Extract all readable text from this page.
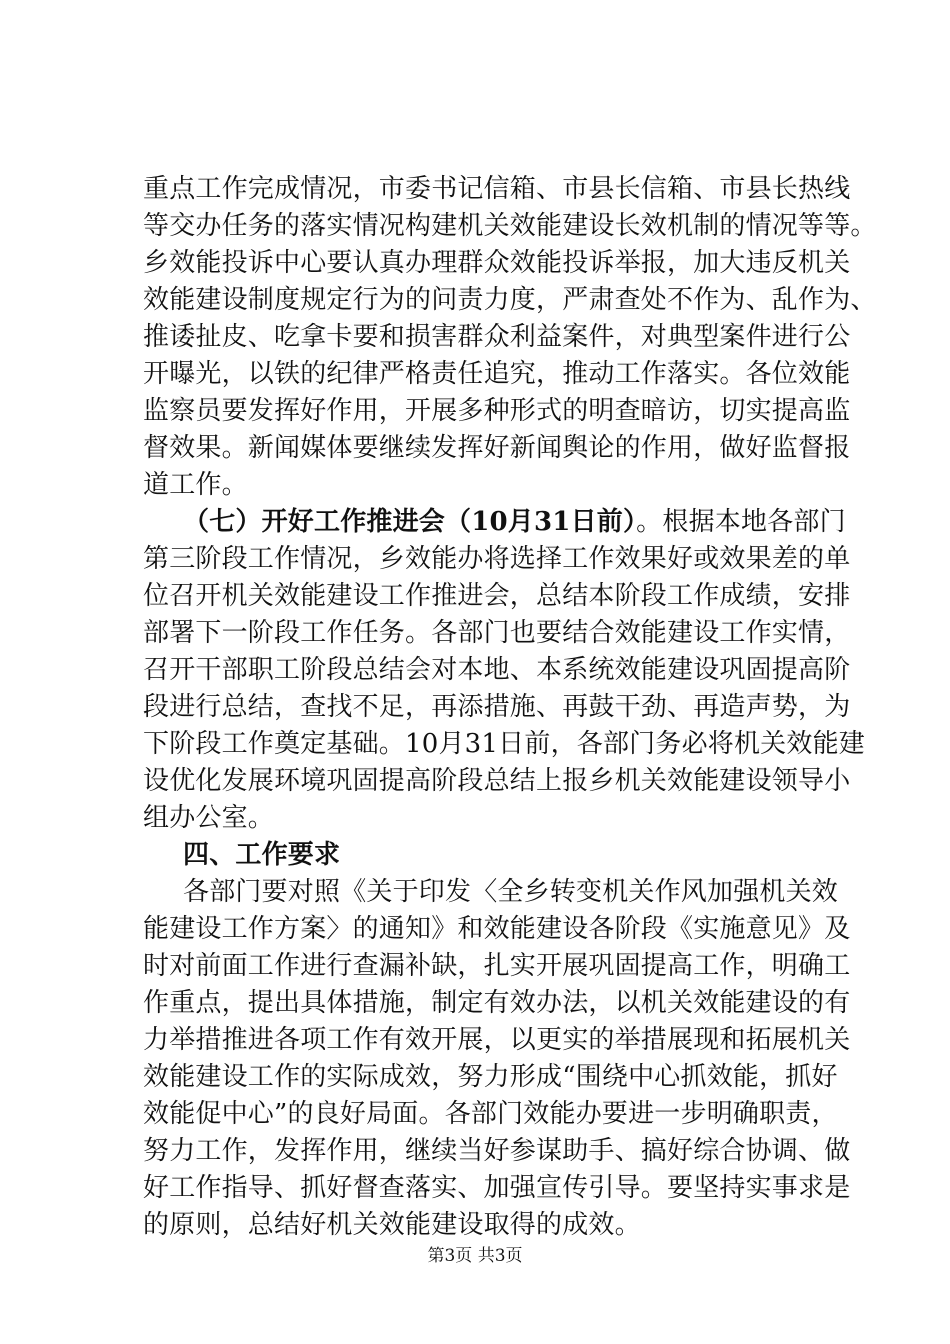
重点工作完成情况，市委书记信箱、市县长信箱、市县长热线
等交办任务的落实情况构建机关效能建设长效机制的情况等等。
乡效能投诉中心要认真办理群众效能投诉举报，加大违反机关
效能建设制度规定行为的问责力度，严肃查处不作为、乱作为、
推诿扯皮、吃拿卡要和损害群众利益案件，对典型案件进行公
开曝光，以铁的纪律严格责任追究，推动工作落实。各位效能
监察员要发挥好作用，开展多种形式的明查暗访，切实提高监
督效果。新闻媒体要继续发挥好新闻舆论的作用，做好监督报
道工作。
（七）开好工作推进会（10月31日前）。根据本地各部门
第三阶段工作情况，乡效能办将选择工作效果好或效果差的单
位召开机关效能建设工作推进会，总结本阶段工作成绩，安排
部署下一阶段工作任务。各部门也要结合效能建设工作实情，
召开干部职工阶段总结会对本地、本系统效能建设巩固提高阶
段进行总结，查找不足，再添措施、再鼓干劲、再造声势，为
下阶段工作奠定基础。10月31日前，各部门务必将机关效能建
设优化发展环境巩固提高阶段总结上报乡机关效能建设领导小
组办公室。
四、工作要求
各部门要对照《关于印发〈全乡转变机关作风加强机关效
能建设工作方案〉的通知》和效能建设各阶段《实施意见》及
时对前面工作进行查漏补缺，扎实开展巩固提高工作，明确工
作重点，提出具体措施，制定有效办法，以机关效能建设的有
力举措推进各项工作有效开展，以更实的举措展现和拓展机关
效能建设工作的实际成效，努力形成“围绕中心抓效能，抓好
效能促中心”的良好局面。各部门效能办要进一步明确职责，
努力工作，发挥作用，继续当好参谋助手、搞好综合协调、做
好工作指导、抓好督查落实、加强宣传引导。要坚持实事求是
的原则，总结好机关效能建设取得的成效。
第3页 共3页
